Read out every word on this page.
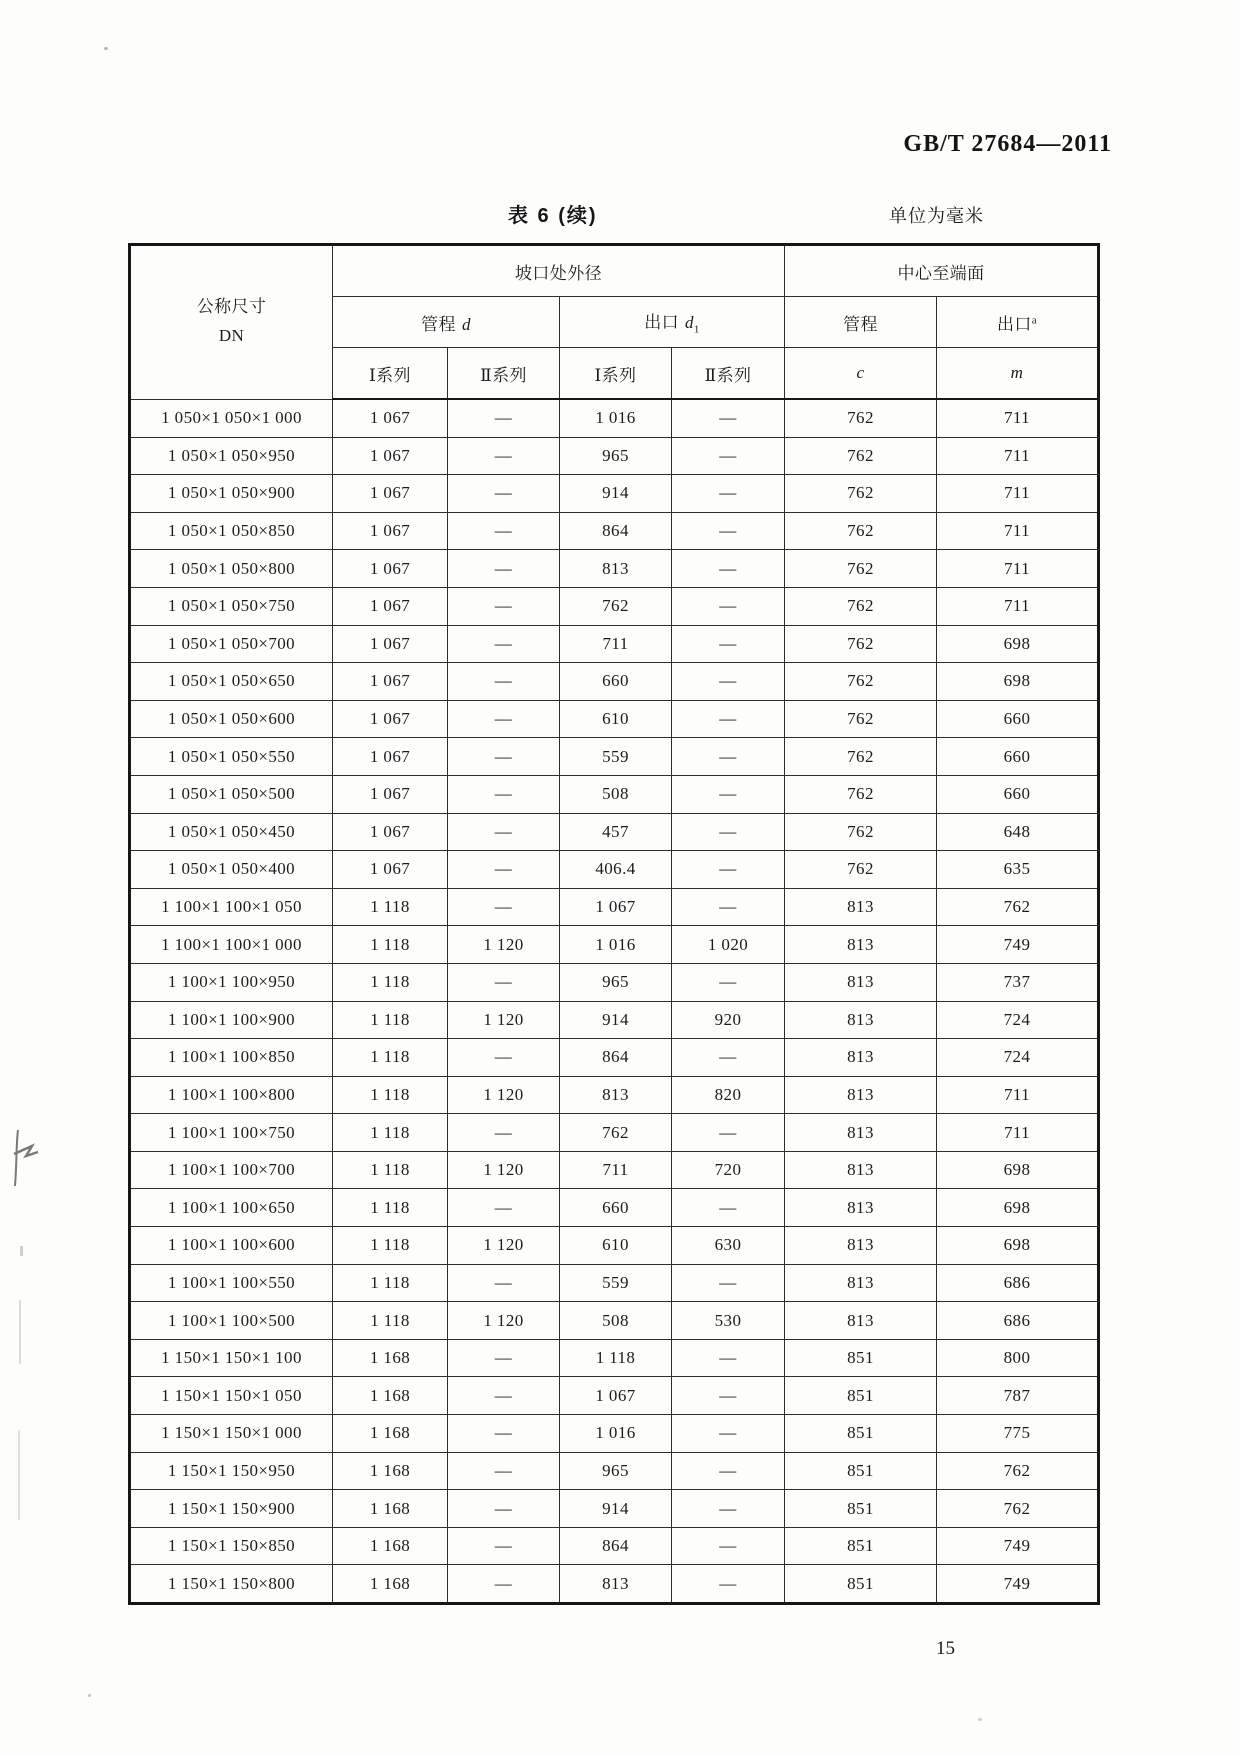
GB/T 27684—2011
表 6 (续)	单位为毫米
公称尺寸
DN	坡口处外径				中心至端面	
	管程 d		出口 $d_1$		管程	出口$^a$
	Ⅰ系列	Ⅱ系列	Ⅰ系列	Ⅱ系列	c	m
1 050×1 050×1 000	1 067	—	1 016	—	762	711
1 050×1 050×950	1 067	—	965	—	762	711
1 050×1 050×900	1 067	—	914	—	762	711
1 050×1 050×850	1 067	—	864	—	762	711
1 050×1 050×800	1 067	—	813	—	762	711
1 050×1 050×750	1 067	—	762	—	762	711
1 050×1 050×700	1 067	—	711	—	762	698
1 050×1 050×650	1 067	—	660	—	762	698
1 050×1 050×600	1 067	—	610	—	762	660
1 050×1 050×550	1 067	—	559	—	762	660
1 050×1 050×500	1 067	—	508	—	762	660
1 050×1 050×450	1 067	—	457	—	762	648
1 050×1 050×400	1 067	—	406.4	—	762	635
1 100×1 100×1 050	1 118	—	1 067	—	813	762
1 100×1 100×1 000	1 118	1 120	1 016	1 020	813	749
1 100×1 100×950	1 118	—	965	—	813	737
1 100×1 100×900	1 118	1 120	914	920	813	724
1 100×1 100×850	1 118	—	864	—	813	724
1 100×1 100×800	1 118	1 120	813	820	813	711
1 100×1 100×750	1 118	—	762	—	813	711
1 100×1 100×700	1 118	1 120	711	720	813	698
1 100×1 100×650	1 118	—	660	—	813	698
1 100×1 100×600	1 118	1 120	610	630	813	698
1 100×1 100×550	1 118	—	559	—	813	686
1 100×1 100×500	1 118	1 120	508	530	813	686
1 150×1 150×1 100	1 168	—	1 118	—	851	800
1 150×1 150×1 050	1 168	—	1 067	—	851	787
1 150×1 150×1 000	1 168	—	1 016	—	851	775
1 150×1 150×950	1 168	—	965	—	851	762
1 150×1 150×900	1 168	—	914	—	851	762
1 150×1 150×850	1 168	—	864	—	851	749
1 150×1 150×800	1 168	—	813	—	851	749
15
